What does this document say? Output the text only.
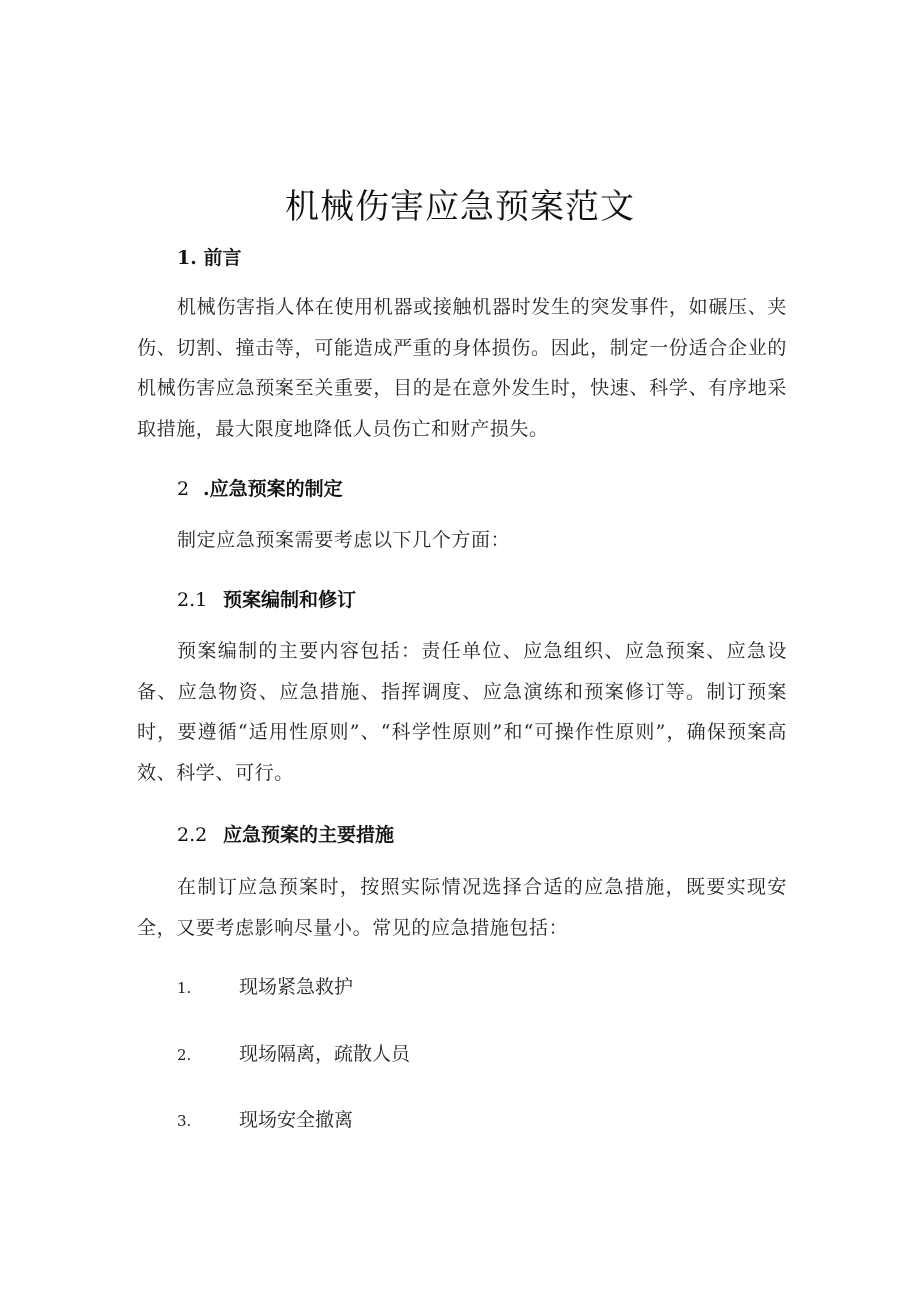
机械伤害应急预案范文
1. 前言
机械伤害指人体在使用机器或接触机器时发生的突发事件，如碾压、夹伤、切割、撞击等，可能造成严重的身体损伤。因此，制定一份适合企业的机械伤害应急预案至关重要，目的是在意外发生时，快速、科学、有序地采取措施，最大限度地降低人员伤亡和财产损失。
2 .应急预案的制定
制定应急预案需要考虑以下几个方面：
2.1 预案编制和修订
预案编制的主要内容包括：责任单位、应急组织、应急预案、应急设备、应急物资、应急措施、指挥调度、应急演练和预案修订等。制订预案时，要遵循“适用性原则”、“科学性原则”和“可操作性原则”，确保预案高效、科学、可行。
2.2 应急预案的主要措施
在制订应急预案时，按照实际情况选择合适的应急措施，既要实现安全，又要考虑影响尽量小。常见的应急措施包括：
1.	现场紧急救护
2.	现场隔离，疏散人员
3.	现场安全撤离
